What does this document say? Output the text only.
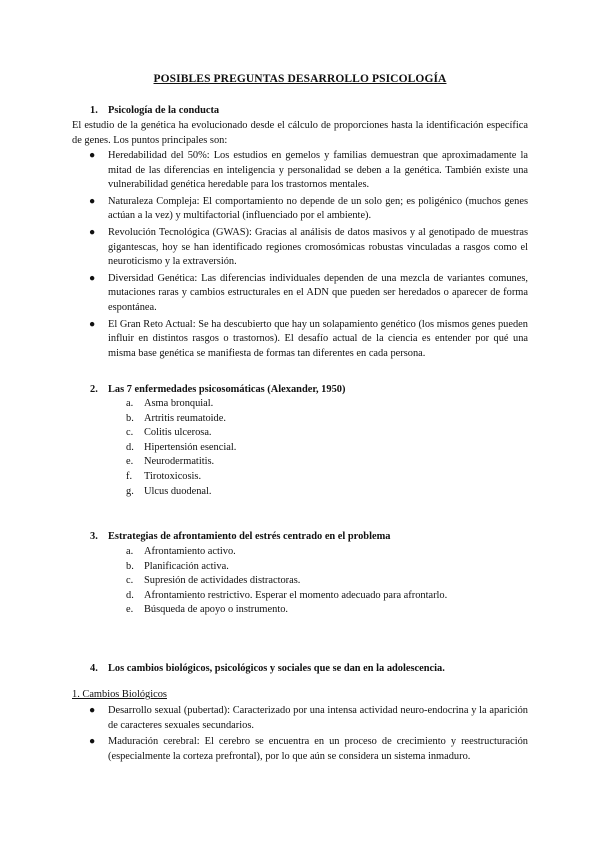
POSIBLES PREGUNTAS DESARROLLO PSICOLOGÍA
1. Psicología de la conducta
El estudio de la genética ha evolucionado desde el cálculo de proporciones hasta la identificación específica de genes. Los puntos principales son:
● Heredabilidad del 50%: Los estudios en gemelos y familias demuestran que aproximadamente la mitad de las diferencias en inteligencia y personalidad se deben a la genética. También existe una vulnerabilidad genética heredable para los trastornos mentales.
● Naturaleza Compleja: El comportamiento no depende de un solo gen; es poligénico (muchos genes actúan a la vez) y multifactorial (influenciado por el ambiente).
● Revolución Tecnológica (GWAS): Gracias al análisis de datos masivos y al genotipado de muestras gigantescas, hoy se han identificado regiones cromosómicas robustas vinculadas a rasgos como el neuroticismo y la extraversión.
● Diversidad Genética: Las diferencias individuales dependen de una mezcla de variantes comunes, mutaciones raras y cambios estructurales en el ADN que pueden ser heredados o aparecer de forma espontánea.
● El Gran Reto Actual: Se ha descubierto que hay un solapamiento genético (los mismos genes pueden influir en distintos rasgos o trastornos). El desafío actual de la ciencia es entender por qué una misma base genética se manifiesta de formas tan diferentes en cada persona.
2. Las 7 enfermedades psicosomáticas (Alexander, 1950)
a. Asma bronquial.
b. Artritis reumatoide.
c. Colitis ulcerosa.
d. Hipertensión esencial.
e. Neurodermatitis.
f. Tirotoxicosis.
g. Ulcus duodenal.
3. Estrategias de afrontamiento del estrés centrado en el problema
a. Afrontamiento activo.
b. Planificación activa.
c. Supresión de actividades distractoras.
d. Afrontamiento restrictivo. Esperar el momento adecuado para afrontarlo.
e. Búsqueda de apoyo o instrumento.
4. Los cambios biológicos, psicológicos y sociales que se dan en la adolescencia.
1. Cambios Biológicos
● Desarrollo sexual (pubertad): Caracterizado por una intensa actividad neuro-endocrina y la aparición de caracteres sexuales secundarios.
● Maduración cerebral: El cerebro se encuentra en un proceso de crecimiento y reestructuración (especialmente la corteza prefrontal), por lo que aún se considera un sistema inmaduro.
